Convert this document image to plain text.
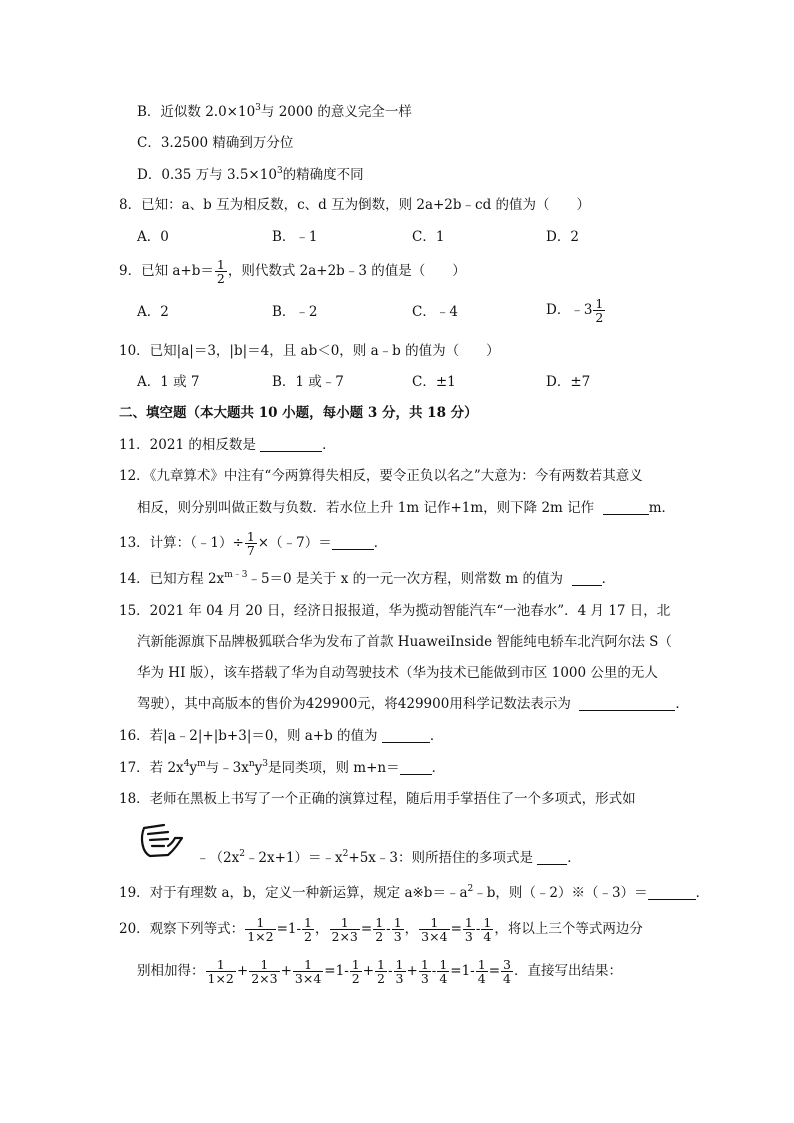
B．近似数 $2.0\times 10^3$与 2000 的意义完全一样
C．3.2500 精确到万分位
D．0.35 万与 $3.5\times 10^3$的精确度不同
8．已知：a、b 互为相反数，c、d 互为倒数，则 2a+2b﹣cd 的值为（　　）
A．0	B．﹣1	C．1	D．2
9．已知 $a+b= \frac{1}{2}$ ，则代数式 2a+2b﹣3 的值是（　　）
A．2	B．﹣2	C．﹣4	D．﹣3 $\frac{1}{2}$
10．已知|a|＝3，|b|＝4，且 ab＜0，则 a﹣b 的值为（　　）
A．1 或 7	B．1 或﹣7	C．±1	D．±7
二、填空题（本大题共 10 小题，每小题 3 分，共 18 分）
11．2021 的相反数是	．
12．《九章算术》中注有“今两算得失相反，要令正负以名之”大意为：今有两数若其意义
相反，则分别叫做正数与负数．若水位上升 1m 记作+1m，则下降 2m 记作	m．
13．计算：（﹣1）÷ $\frac{1}{7}$ ×（﹣7）＝	．
14．已知方程 $2x^{m﹣3}﹣5=0$ 是关于 x 的一元一次方程，则常数 m 的值为	．
15．2021 年 04 月 20 日，经济日报报道，华为揽动智能汽车“一池春水”．4 月 17 日，北
汽新能源旗下品牌极狐联合华为发布了首款 HuaweiInside 智能纯电轿车北汽阿尔法 S（
华为 HI 版），该车搭载了华为自动驾驶技术（华为技术已能做到市区 1000 公里的无人
驾驶），其中高版本的售价为429900元，将429900用科学记数法表示为	．
16．若|a﹣2|+|b+3|＝0，则 a+b 的值为	．
17．若 $2x^4y^m$与$﹣3x^ny^3$是同类项，则 m+n＝ ．
18．老师在黑板上书写了一个正确的演算过程，随后用手掌捂住了一个多项式，形式如
$﹣(2x^2﹣2x+1)=﹣x^2+5x﹣3$：则所捂住的多项式是	．
19．对于有理数 a，b，定义一种新运算，规定 $a※b=﹣a^2﹣b$，则（﹣2）※（﹣3）＝	．
20．观察下列等式： $\frac{1}{1\times 2} =1- \frac{1}{2}$ ， $\frac{1}{2\times 3} = \frac{1}{2} - \frac{1}{3}$ ， $\frac{1}{3\times 4} = \frac{1}{3} - \frac{1}{4}$ ，将以上三个等式两边分
别相加得： $\frac{1}{1\times 2} + \frac{1}{2\times 3} + \frac{1}{3\times 4} =1- \frac{1}{2} + \frac{1}{2} - \frac{1}{3} + \frac{1}{3} - \frac{1}{4} =1- \frac{1}{4} = \frac{3}{4}$ ．直接写出结果：
